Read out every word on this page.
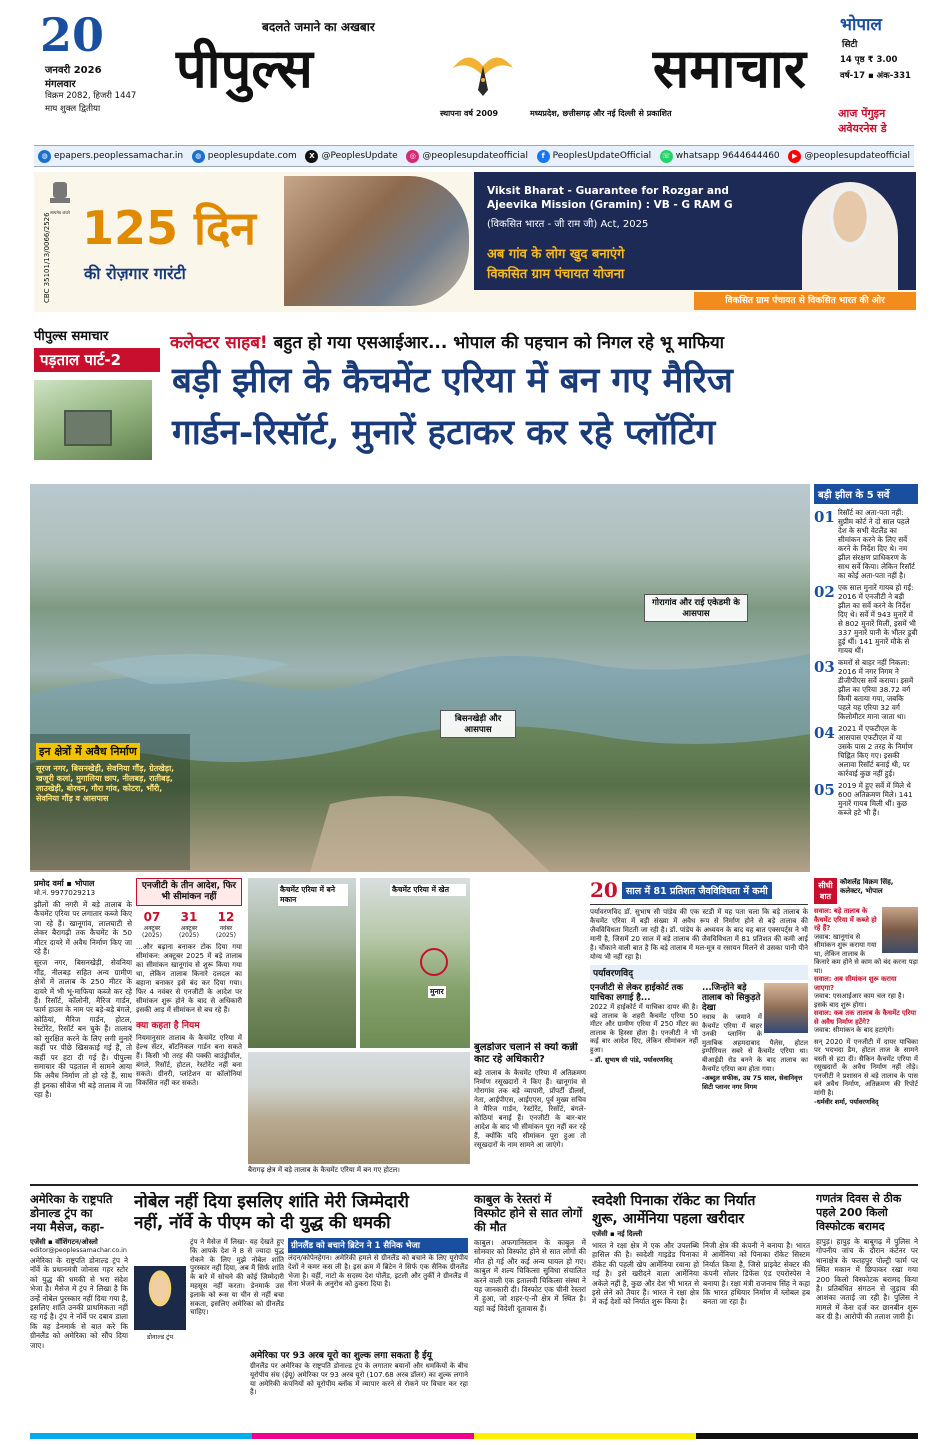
20
जनवरी 2026
मंगलवार
विक्रम 2082, हिजरी 1447
माघ शुक्ल द्वितीया
बदलते जमाने का अखबार
पीपुल्स	समाचार
स्थापना वर्ष 2009	मध्यप्रदेश, छत्तीसगढ़ और नई दिल्ली से प्रकाशित
भोपाल
सिटी
14 पृष्ठ ₹ 3.00
वर्ष-17 ▪ अंक-331
आज पेंगुइन
अवेयरनेस डे
◍ epapers.peoplessamachar.in	◍ peoplesupdate.com	X @PeoplesUpdate	◎ @peoplesupdateofficial	f PeoplesUpdateOfficial	☏ whatsapp 9644644460	▶ @peoplesupdateofficial
CBC 35101/13/0066/2526 सत्यमेव जयते 125 दिन
की रोज़गार गारंटी
Viksit Bharat - Guarantee for Rozgar and Ajeevika Mission (Gramin) : VB - G RAM G
(विकसित भारत - जी राम जी) Act, 2025
अब गांव के लोग खुद बनाएंगे
विकसित ग्राम पंचायत योजना
विकसित ग्राम पंचायत से विकसित भारत की ओर
पीपुल्स समाचार
पड़ताल पार्ट-2
कलेक्टर साहब! बहुत हो गया एसआईआर... भोपाल की पहचान को निगल रहे भू माफिया
बड़ी झील के कैचमेंट एरिया में बन गए मैरिज
गार्डन-रिसॉर्ट, मुनारें हटाकर कर रहे प्लॉटिंग
गोरागांव और राई एकेडमी के आसपास
बिसनखेड़ी और आसपास
इन क्षेत्रों में अवैध निर्माण
सूरज नगर, बिसनखेड़ी, सेवनिया गौंड़, ग्रेतखेड़ा, खजूरी कलां, मुगालिया छाप, नीलबड़, रातीबड़, लाउखेड़ी, बोरवन, गौरा गांव, कोटरा, भौंरी, सेवनिया गौंड़ व आसपास
बड़ी झील के 5 सर्वे
01 रिसॉर्ट का अता-पता नहीं: सुप्रीम कोर्ट ने दो साल पहले देश के सभी वेटलैंड का सीमांकन करने के लिए सर्वे करने के निर्देश दिए थे। नम झील संरक्षण प्राधिकरण के साथ सर्वे किया। लेकिन रिसॉर्ट का कोई अता-पता नहीं है।
02 एक साल मुनारें गायब हो गईं: 2016 में एनजीटी ने बड़ी झील का सर्वे करने के निर्देश दिए थे। सर्वे में 943 मुनारें में से 802 मुनारें मिलीं, इसमें भी 337 मुनारें पानी के भीतर डूबी हुई थीं। 141 मुनारें मौके से गायब थीं।
03 कमरों से बाहर नहीं निकला: 2016 में नगर निगम ने डीजीपीएस सर्वे कराया। इसमें झील का एरिया 38.72 वर्ग किमी बताया गया, जबकि पहले यह एरिया 32 वर्ग किलोमीटर माना जाता था।
04 2021 में एफटीएल के आसपास एफटीएल में या उसके पास 2 तरह के निर्माण चिह्नित किए गए। इसकी अलावा रिसॉर्ट बनाई थी, पर कार्रवाई कुछ नहीं हुई।
05 2019 में हुए सर्वे में मिले थे 600 अतिक्रमण मिले। 141 मुनारें गायब मिली थीं। कुछ कब्जे हटे भी हैं।
प्रमोद वर्मा ▪ भोपाल
मो.नं. 9977029213

झीलों की नगरी में बड़े तालाब के कैचमेंट एरिया पर लगातार कब्जे किए जा रहे हैं। खानूगांव, लालघाटी से लेकर बैरागढ़ी तक कैचमेंट के 50 मीटर दायरे में अवैध निर्माण किए जा रहे हैं।

सूरज नगर, बिसनखेड़ी, सेवनिया गौंड़, नीलबड़ सहित अन्य ग्रामीण क्षेत्रों में तालाब के 250 मीटर के दायरे में भी भू-माफिया कब्जे कर रहे हैं। रिसॉर्ट, कॉलोनी, मैरिज गार्डन, फार्म हाउस के नाम पर बड़े-बड़े बंगले, कोठियां, मैरिज गार्डन, होटल, रेस्टोरेंट, रिसॉर्ट बन चुके हैं। तालाब को सुरक्षित करने के लिए लगी मुनारें कहीं पर पीछे खिसकाई गई हैं, तो कहीं पर हटा दी गई हैं। पीपुल्स समाचार की पड़ताल में सामने आया कि अवैध निर्माण तो हो रहे हैं, साथ ही इनका सीवेज भी बड़े तालाब में जा रहा है।

एनजीटी के तीन आदेश, फिर भी सीमांकन नहीं
07
अक्टूबर (2025)
31
अक्टूबर (2025)
12
नवंबर (2025)

...और बढ़ाना बनाकर टोक दिया गया सीमांकन: अक्टूबर 2025 में बड़े तालाब का सीमांकन खानूगांव से शुरू किया गया था, लेकिन तालाब किनारे दलदल का बहाना बनाकर इसे बंद कर दिया गया। फिर 4 नवंबर से एनजीटी के आदेश पर सीमांकन शुरू होने के बाद से अधिकारी इसकी आड़ में सीमांकन से बच रहे हैं।

क्या कहता है नियम

नियमानुसार तालाब के कैचमेंट एरिया में हेल्थ सेंटर, बॉटनिकल गार्डन बना सकते हैं। किसी भी तरह की पक्की बाउंड्रीवॉल, बंगले, रिसॉर्ट, होटल, रेस्टोरेंट नहीं बना सकते। ग्रीनरी, प्लांटेशन या कॉलोनियां विकसित नहीं कर सकते।

कैचमेंट एरिया में बने मकान
कैचमेंट एरिया में खेत
मुनार
बैरागढ़ क्षेत्र में बड़े तालाब के कैचमेंट एरिया में बन गए होटल।
बुलडोजर चलाने से क्यों कन्नी काट रहे अधिकारी?

बड़े तालाब के कैचमेंट एरिया में अतिक्रमण निर्माण रसूखदारों ने किए हैं। खानूगांव से गोरागांव तक बड़े व्यापारी, प्रॉपर्टी डीलर्स, नेता, आईपीएस, आईएएस, पूर्व मुख्य सचिव ने मैरिज गार्डन, रेस्टोरेंट, रिसॉर्ट, बंगले-कोठियां बनाई हैं। एनजीटी के बार-बार आदेश के बाद भी सीमांकन पूरा नहीं कर रहे हैं, क्योंकि यदि सीमांकन पूरा हुआ तो रसूखदारों के नाम सामने आ जाएंगे।

20 साल में 81 प्रतिशत जैवविविधता में कमी

पर्यावरणविद डॉ. सुभाष सी पांडेय की एक स्टडी में यह पता चला कि बड़े तालाब के कैचमेंट एरिया में बड़ी संख्या में अवैध रूप से निर्माण होने से बड़े तालाब की जैवविविधता मिटती जा रही है। डॉ. पांडेय के अध्ययन के बाद यह बात एक्सपर्ट्स ने भी मानी है, जिसमें 20 साल में बड़े तालाब की जैवविविधता में 81 प्रतिशत की कमी आई है। चौंकाने वाली बात है कि बड़े तालाब में मल-मूत्र व रसायन मिलने से उसका पानी पीने योग्य भी नहीं रहा है।

पर्यावरणविद्
एनजीटी से लेकर हाईकोर्ट तक याचिका लगाई है...

2022 में हाईकोर्ट में याचिका दायर की है। बड़े तालाब के शहरी कैचमेंट एरिया 50 मीटर और ग्रामीण एरिया में 250 मीटर का तालाब के हिस्सा होता है। एनजीटी ने भी कई बार आदेश दिए, लेकिन सीमांकन नहीं हुआ।

- डॉ. सुभाष सी पांडे, पर्यावरणविद्
...जिन्होंने बड़े तालाब को सिकुड़ते देखा

नवाब के जमाने में कैचमेंट एरिया में बाहर उनकी प्लानिंग के मुताबिक अहमदाबाद पैलेस, होटल इम्पीरियल सबरे से कैचमेंट एरिया था। बीआईडी रोड बनने के बाद तालाब का कैचमेंट एरिया कम होता गया।

-अब्दुल सफीक, उम्र 75 साल, सेवानिवृत्त सिटी प्लानर नगर निगम
सीधी बात
कौशलेंद्र विक्रम सिंह, कलेक्टर, भोपाल
सवाल: बड़े तालाब के कैचमेंट एरिया में कब्जे हो रहे हैं?
जवाब: खानूगांव से सीमांकन शुरू कराया गया था, लेकिन तालाब के किनारे कम होने से काम को बंद करना पड़ा था।
सवाल: अब सीमांकन शुरू कराया जाएगा?
जवाब: एसआईआर काम चल रहा है। इसके बाद शुरू होगा।
सवाल: कब तक तालाब के कैचमेंट एरिया से अवैध निर्माण हटेंगे?
जवाब: सीमांकन के बाद हटाएंगे।

सन् 2020 में एनजीटी में दायर याचिका पर भदभदा डैम, होटल ताज के सामने बस्ती से हटा दी। सैकिन कैचमेंट एरिया में रसूखदारों के अवैध निर्माण नहीं तोड़े। एनजीटी ने प्रशासन से बड़े तालाब के पास बने अवैध निर्माण, अतिक्रमण की रिपोर्ट मांगी है।

-धर्मवीर शर्मा, पर्यावरणविद्
अमेरिका के राष्ट्रपति
डोनाल्ड ट्रंप का
नया मैसेज, कहा-
एजेंसी ▪ वॉशिंगटन/ओस्लो
editor@peoplessamachar.co.in

अमेरिका के राष्ट्रपति डोनाल्ड ट्रंप ने नॉर्वे के प्रधानमंत्री जोनास गहर स्टोर को युद्ध की धमकी से भरा संदेश भेजा है। मैसेज में ट्रंप ने लिखा है कि उन्हें नोबेल पुरस्कार नहीं दिया गया है, इसलिए शांति उनकी प्राथमिकता नहीं रह गई है। ट्रंप ने नॉर्वे पर दबाव डाला कि वह डेनमार्क से बात करे कि ग्रीनलैंड को अमेरिका को सौंप दिया जाए।

नोबेल नहीं दिया इसलिए शांति मेरी जिम्मेदारी
नहीं, नॉर्वे के पीएम को दी युद्ध की धमकी
डोनाल्ड ट्रंप

ट्रंप ने मैसेज में लिखा- यह देखते हुए कि आपके देश ने 8 से ज्यादा युद्ध रोकने के लिए मुझे नोबेल शांति पुरस्कार नहीं दिया, अब मैं सिर्फ शांति के बारे में सोचने की कोई जिम्मेदारी महसूस नहीं करता। डेनमार्क उस इलाके को रूस या चीन से नहीं बचा सकता, इसलिए अमेरिका को ग्रीनलैंड चाहिए।

ग्रीनलैंड को बचाने ब्रिटेन ने 1 सैनिक भेजा

लंदन/कोपेनहेगन। अमेरिकी हमले से ग्रीनलैंड को बचाने के लिए यूरोपीय देशों ने कमर कस ली है। इस क्रम में ब्रिटेन ने सिर्फ एक सैनिक ग्रीनलैंड भेजा है। वहीं, नाटो के सदस्य देश पोलैंड, इटली और तुर्की ने ग्रीनलैंड में सेना भेजने के अनुरोध को ठुकरा दिया है।

अमेरिका पर 93 अरब यूरो का शुल्क लगा सकता है ईयू

ग्रीनलैंड पर अमेरिका के राष्ट्रपति डोनाल्ड ट्रंप के लगातार बयानों और धमकियों के बीच यूरोपीय संघ (ईयू) अमेरिका पर 93 अरब यूरो (107.68 अरब डॉलर) का शुल्क लगाने या अमेरिकी कंपनियों को यूरोपीय ब्लॉक में व्यापार करने से रोकने पर विचार कर रहा है।

काबुल के रेस्तरां में विस्फोट होने से सात लोगों की मौत

काबुल। अफगानिस्तान के काबुल में सोमवार को विस्फोट होने से सात लोगों की मौत हो गई और कई अन्य घायल हो गए। काबुल में शल्य चिकित्सा सुविधा संचालित करने वाली एक इतालवी चिकित्सा संस्था ने यह जानकारी दी। विस्फोट एक चीनी रेस्तरां में हुआ, जो शहर-ए-नौ क्षेत्र में स्थित है। यहां कई विदेशी दूतावास हैं।

स्वदेशी पिनाका रॉकेट का निर्यात
शुरू, आर्मेनिया पहला खरीदार
एजेंसी ▪ नई दिल्ली

भारत ने रक्षा क्षेत्र में एक और उपलब्धि हासिल की है। स्वदेशी गाइडेड पिनाका रॉकेट की पहली खेप आर्मेनिया रवाना हो गई है। इसे खरीदने वाला आर्मेनिया अकेले नहीं है, कुछ और देश भी भारत से इसे लेने को तैयार हैं। भारत ने रक्षा क्षेत्र में कई देशों को निर्यात शुरू किया है।

निजी क्षेत्र की कंपनी ने बनाया है। भारत में आर्मेनिया को पिनाका रॉकेट सिस्टम निर्यात किया है, जिसे प्राइवेट सेक्टर की कंपनी सोलर डिफेंस एंड एयरोस्पेस ने बनाया है। रक्षा मंत्री राजनाथ सिंह ने कहा कि भारत हथियार निर्माण में ग्लोबल हब बनता जा रहा है।

गणतंत्र दिवस से ठीक
पहले 200 किलो
विस्फोटक बरामद

हापुड़। हापुड़ के बाबूगढ़ में पुलिस ने गोपनीय जांच के दौरान कंटेनर पर थानाक्षेत्र के फतहपुर पोल्ट्री फार्म पर स्थित मकान में छिपाकर रखा गया 200 किलो विस्फोटक बरामद किया है। प्रतिबंधित संगठन से जुड़ाव की आशंका जताई जा रही है। पुलिस ने मामले में केस दर्ज कर छानबीन शुरू कर दी है। आरोपी की तलाश जारी है।
